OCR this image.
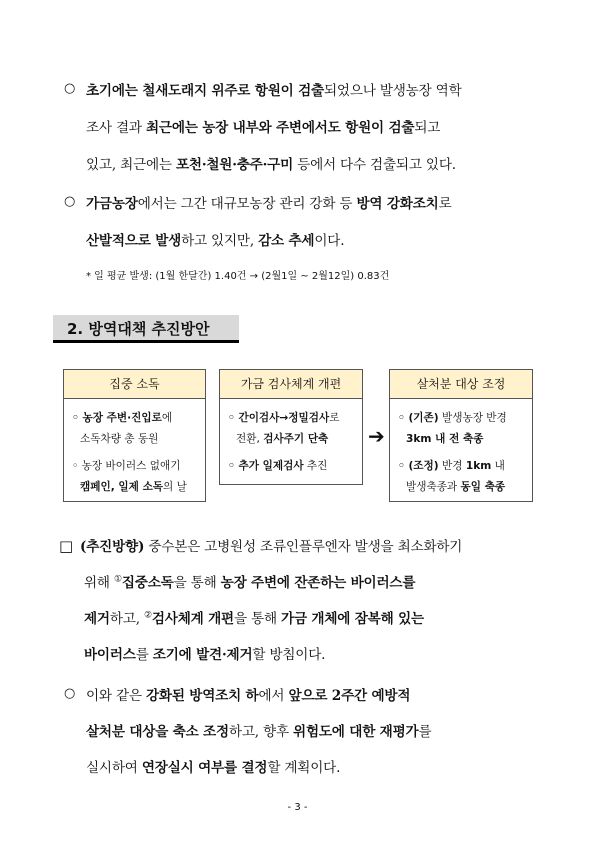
○ 초기에는 철새도래지 위주로 항원이 검출되었으나 발생농장 역학
조사 결과 최근에는 농장 내부와 주변에서도 항원이 검출되고
있고, 최근에는 포천·철원·충주·구미 등에서 다수 검출되고 있다.
○ 가금농장에서는 그간 대규모농장 관리 강화 등 방역 강화조치로
산발적으로 발생하고 있지만, 감소 추세이다.
* 일 평균 발생: (1월 한달간) 1.40건 → (2월1일 ~ 2월12일) 0.83건
2. 방역대책 추진방안
집중 소독
◦ 농장 주변·진입로에
소독차량 총 동원
◦ 농장 바이러스 없애기
캠페인, 일제 소독의 날
가금 검사체계 개편
◦ 간이검사→정밀검사로
전환, 검사주기 단축
◦ 추가 일제검사 추진
➔
살처분 대상 조정
◦ (기존) 발생농장 반경
3km 내 전 축종
◦ (조정) 반경 1km 내
발생축종과 동일 축종
□ (추진방향) 중수본은 고병원성 조류인플루엔자 발생을 최소화하기
위해 ①집중소독을 통해 농장 주변에 잔존하는 바이러스를
제거하고, ②검사체계 개편을 통해 가금 개체에 잠복해 있는
바이러스를 조기에 발견·제거할 방침이다.
○ 이와 같은 강화된 방역조치 하에서 앞으로 2주간 예방적
살처분 대상을 축소 조정하고, 향후 위험도에 대한 재평가를
실시하여 연장실시 여부를 결정할 계획이다.
- 3 -
